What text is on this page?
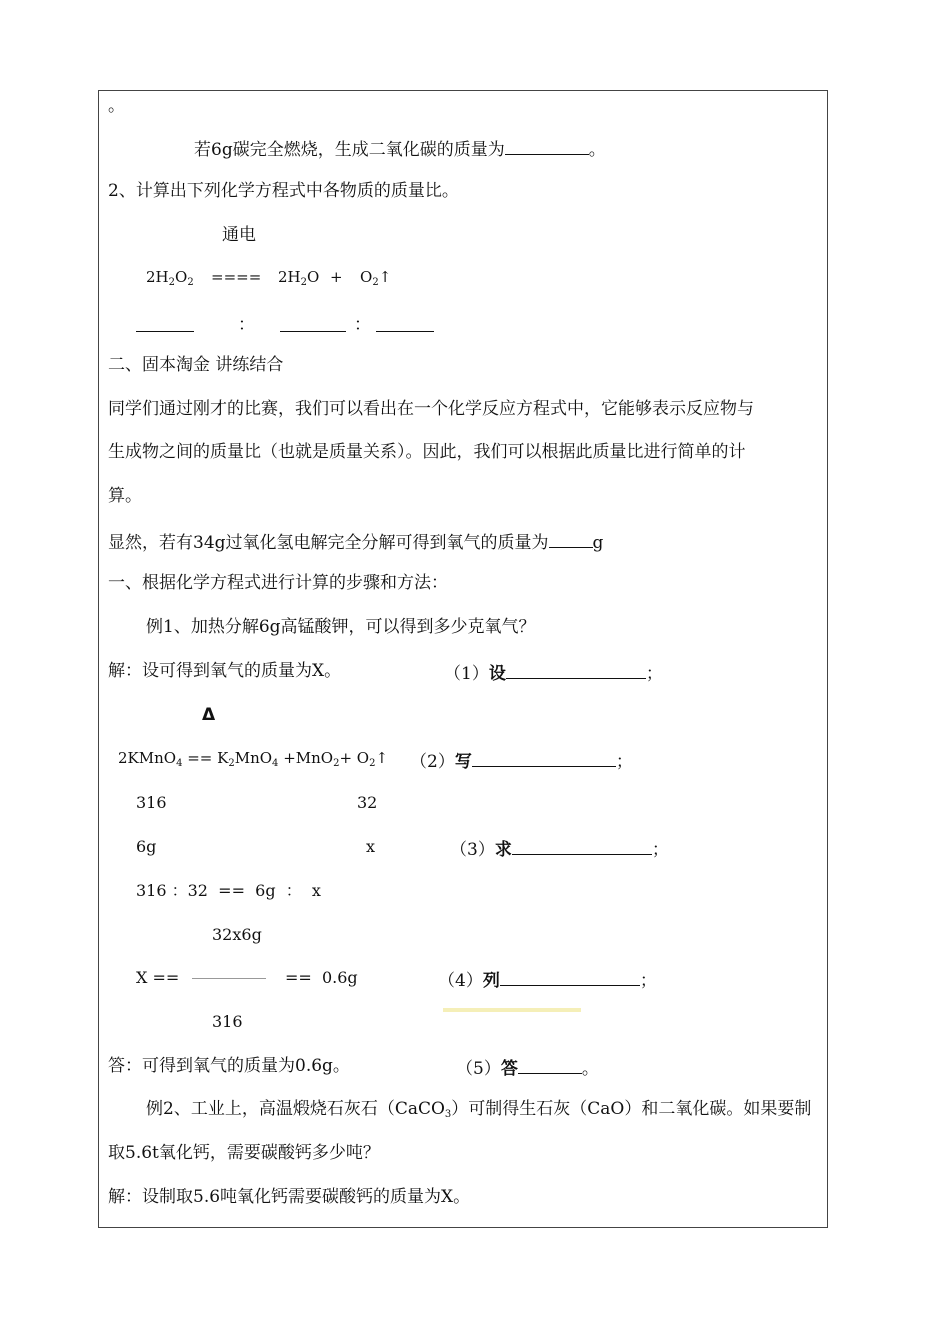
。
若6g碳完全燃烧，生成二氧化碳的质量为	。
2、计算出下列化学方程式中各物质的质量比。
通电
$2H_2O_2$ ==== $2H_2O$ + $O_2↑$
：	：
二、固本淘金 讲练结合
同学们通过刚才的比赛，我们可以看出在一个化学反应方程式中，它能够表示反应物与
生成物之间的质量比（也就是质量关系）。因此，我们可以根据此质量比进行简单的计
算。
显然，若有34g过氧化氢电解完全分解可得到氧气的质量为	g
一、根据化学方程式进行计算的步骤和方法：
例1、加热分解6g高锰酸钾，可以得到多少克氧气？
解：设可得到氧气的质量为X。	（1）设	；
Δ
2KMnO$_4$ == $K_2MnO_4 +MnO_2+$ $O_2↑$ （2）写	；
316	32
6g	x	（3）求	；
316 ：32  ==  6g  ：  x
32x6g
X ==	==  0.6g	（4）列	；
316
答：可得到氧气的质量为0.6g。	（5）答	。
例2、工业上，高温煅烧石灰石（CaCO$_3$）可制得生石灰（CaO）和二氧化碳。如果要制
取5.6t氧化钙，需要碳酸钙多少吨？
解：设制取5.6吨氧化钙需要碳酸钙的质量为X。
